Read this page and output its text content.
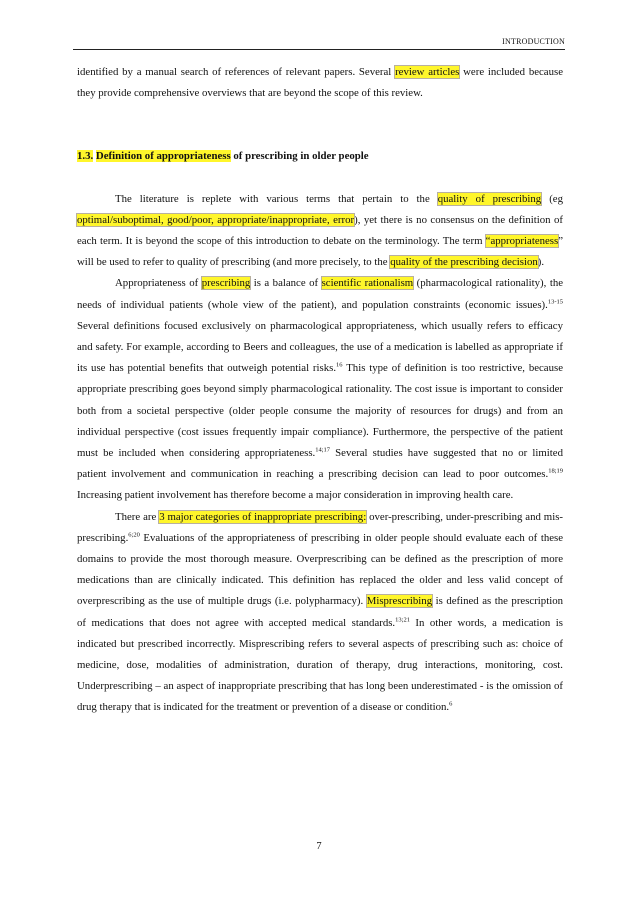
INTRODUCTION

identified by a manual search of references of relevant papers. Several review articles were included because they provide comprehensive overviews that are beyond the scope of this review.

1.3. Definition of appropriateness of prescribing in older people

The literature is replete with various terms that pertain to the quality of prescribing (eg optimal/suboptimal, good/poor, appropriate/inappropriate, error), yet there is no consensus on the definition of each term. It is beyond the scope of this introduction to debate on the terminology. The term “appropriateness” will be used to refer to quality of prescribing (and more precisely, to the quality of the prescribing decision).

Appropriateness of prescribing is a balance of scientific rationalism (pharmacological rationality), the needs of individual patients (whole view of the patient), and population constraints (economic issues).$^{13-15}$ Several definitions focused exclusively on pharmacological appropriateness, which usually refers to efficacy and safety. For example, according to Beers and colleagues, the use of a medication is labelled as appropriate if its use has potential benefits that outweigh potential risks.$^{16}$ This type of definition is too restrictive, because appropriate prescribing goes beyond simply pharmacological rationality. The cost issue is important to consider both from a societal perspective (older people consume the majority of resources for drugs) and from an individual perspective (cost issues frequently impair compliance). Furthermore, the perspective of the patient must be included when considering appropriateness.$^{14;17}$ Several studies have suggested that no or limited patient involvement and communication in reaching a prescribing decision can lead to poor outcomes.$^{18;19}$ Increasing patient involvement has therefore become a major consideration in improving health care.

There are 3 major categories of inappropriate prescribing: over-prescribing, under-prescribing and mis-prescribing.$^{6;20}$ Evaluations of the appropriateness of prescribing in older people should evaluate each of these domains to provide the most thorough measure. Overprescribing can be defined as the prescription of more medications than are clinically indicated. This definition has replaced the older and less valid concept of overprescribing as the use of multiple drugs (i.e. polypharmacy). Misprescribing is defined as the prescription of medications that does not agree with accepted medical standards.$^{13;21}$ In other words, a medication is indicated but prescribed incorrectly. Misprescribing refers to several aspects of prescribing such as: choice of medicine, dose, modalities of administration, duration of therapy, drug interactions, monitoring, cost. Underprescribing – an aspect of inappropriate prescribing that has long been underestimated - is the omission of drug therapy that is indicated for the treatment or prevention of a disease or condition.$^6$

7
